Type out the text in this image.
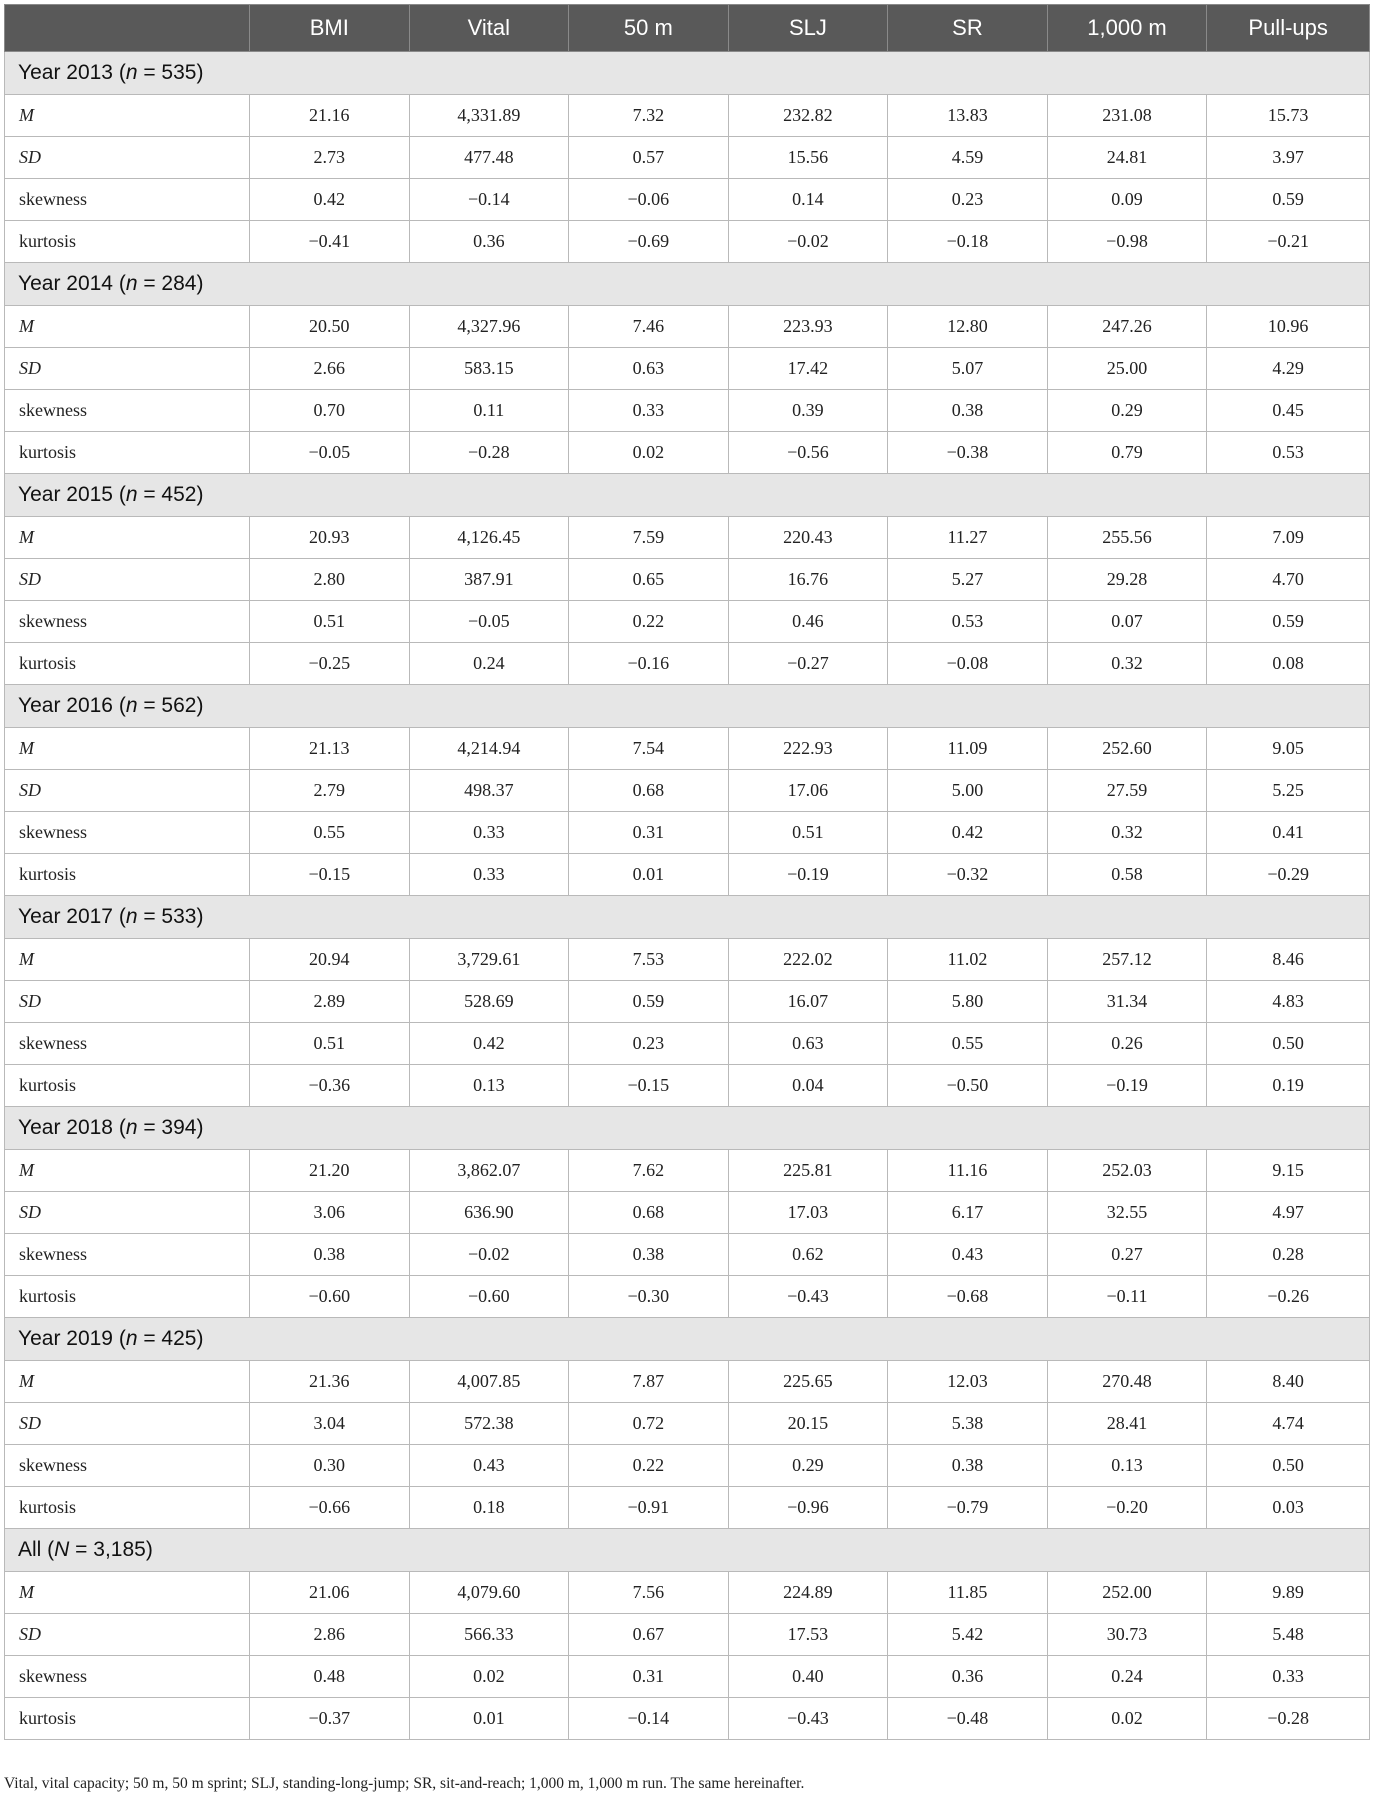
	BMI	Vital	50 m	SLJ	SR	1,000 m	Pull-ups
Year 2013 (n = 535)							
M	21.16	4,331.89	7.32	232.82	13.83	231.08	15.73
SD	2.73	477.48	0.57	15.56	4.59	24.81	3.97
skewness	0.42	−0.14	−0.06	0.14	0.23	0.09	0.59
kurtosis	−0.41	0.36	−0.69	−0.02	−0.18	−0.98	−0.21
Year 2014 (n = 284)							
M	20.50	4,327.96	7.46	223.93	12.80	247.26	10.96
SD	2.66	583.15	0.63	17.42	5.07	25.00	4.29
skewness	0.70	0.11	0.33	0.39	0.38	0.29	0.45
kurtosis	−0.05	−0.28	0.02	−0.56	−0.38	0.79	0.53
Year 2015 (n = 452)							
M	20.93	4,126.45	7.59	220.43	11.27	255.56	7.09
SD	2.80	387.91	0.65	16.76	5.27	29.28	4.70
skewness	0.51	−0.05	0.22	0.46	0.53	0.07	0.59
kurtosis	−0.25	0.24	−0.16	−0.27	−0.08	0.32	0.08
Year 2016 (n = 562)							
M	21.13	4,214.94	7.54	222.93	11.09	252.60	9.05
SD	2.79	498.37	0.68	17.06	5.00	27.59	5.25
skewness	0.55	0.33	0.31	0.51	0.42	0.32	0.41
kurtosis	−0.15	0.33	0.01	−0.19	−0.32	0.58	−0.29
Year 2017 (n = 533)							
M	20.94	3,729.61	7.53	222.02	11.02	257.12	8.46
SD	2.89	528.69	0.59	16.07	5.80	31.34	4.83
skewness	0.51	0.42	0.23	0.63	0.55	0.26	0.50
kurtosis	−0.36	0.13	−0.15	0.04	−0.50	−0.19	0.19
Year 2018 (n = 394)							
M	21.20	3,862.07	7.62	225.81	11.16	252.03	9.15
SD	3.06	636.90	0.68	17.03	6.17	32.55	4.97
skewness	0.38	−0.02	0.38	0.62	0.43	0.27	0.28
kurtosis	−0.60	−0.60	−0.30	−0.43	−0.68	−0.11	−0.26
Year 2019 (n = 425)							
M	21.36	4,007.85	7.87	225.65	12.03	270.48	8.40
SD	3.04	572.38	0.72	20.15	5.38	28.41	4.74
skewness	0.30	0.43	0.22	0.29	0.38	0.13	0.50
kurtosis	−0.66	0.18	−0.91	−0.96	−0.79	−0.20	0.03
All (N = 3,185)							
M	21.06	4,079.60	7.56	224.89	11.85	252.00	9.89
SD	2.86	566.33	0.67	17.53	5.42	30.73	5.48
skewness	0.48	0.02	0.31	0.40	0.36	0.24	0.33
kurtosis	−0.37	0.01	−0.14	−0.43	−0.48	0.02	−0.28
Vital, vital capacity; 50 m, 50 m sprint; SLJ, standing-long-jump; SR, sit-and-reach; 1,000 m, 1,000 m run. The same hereinafter.
